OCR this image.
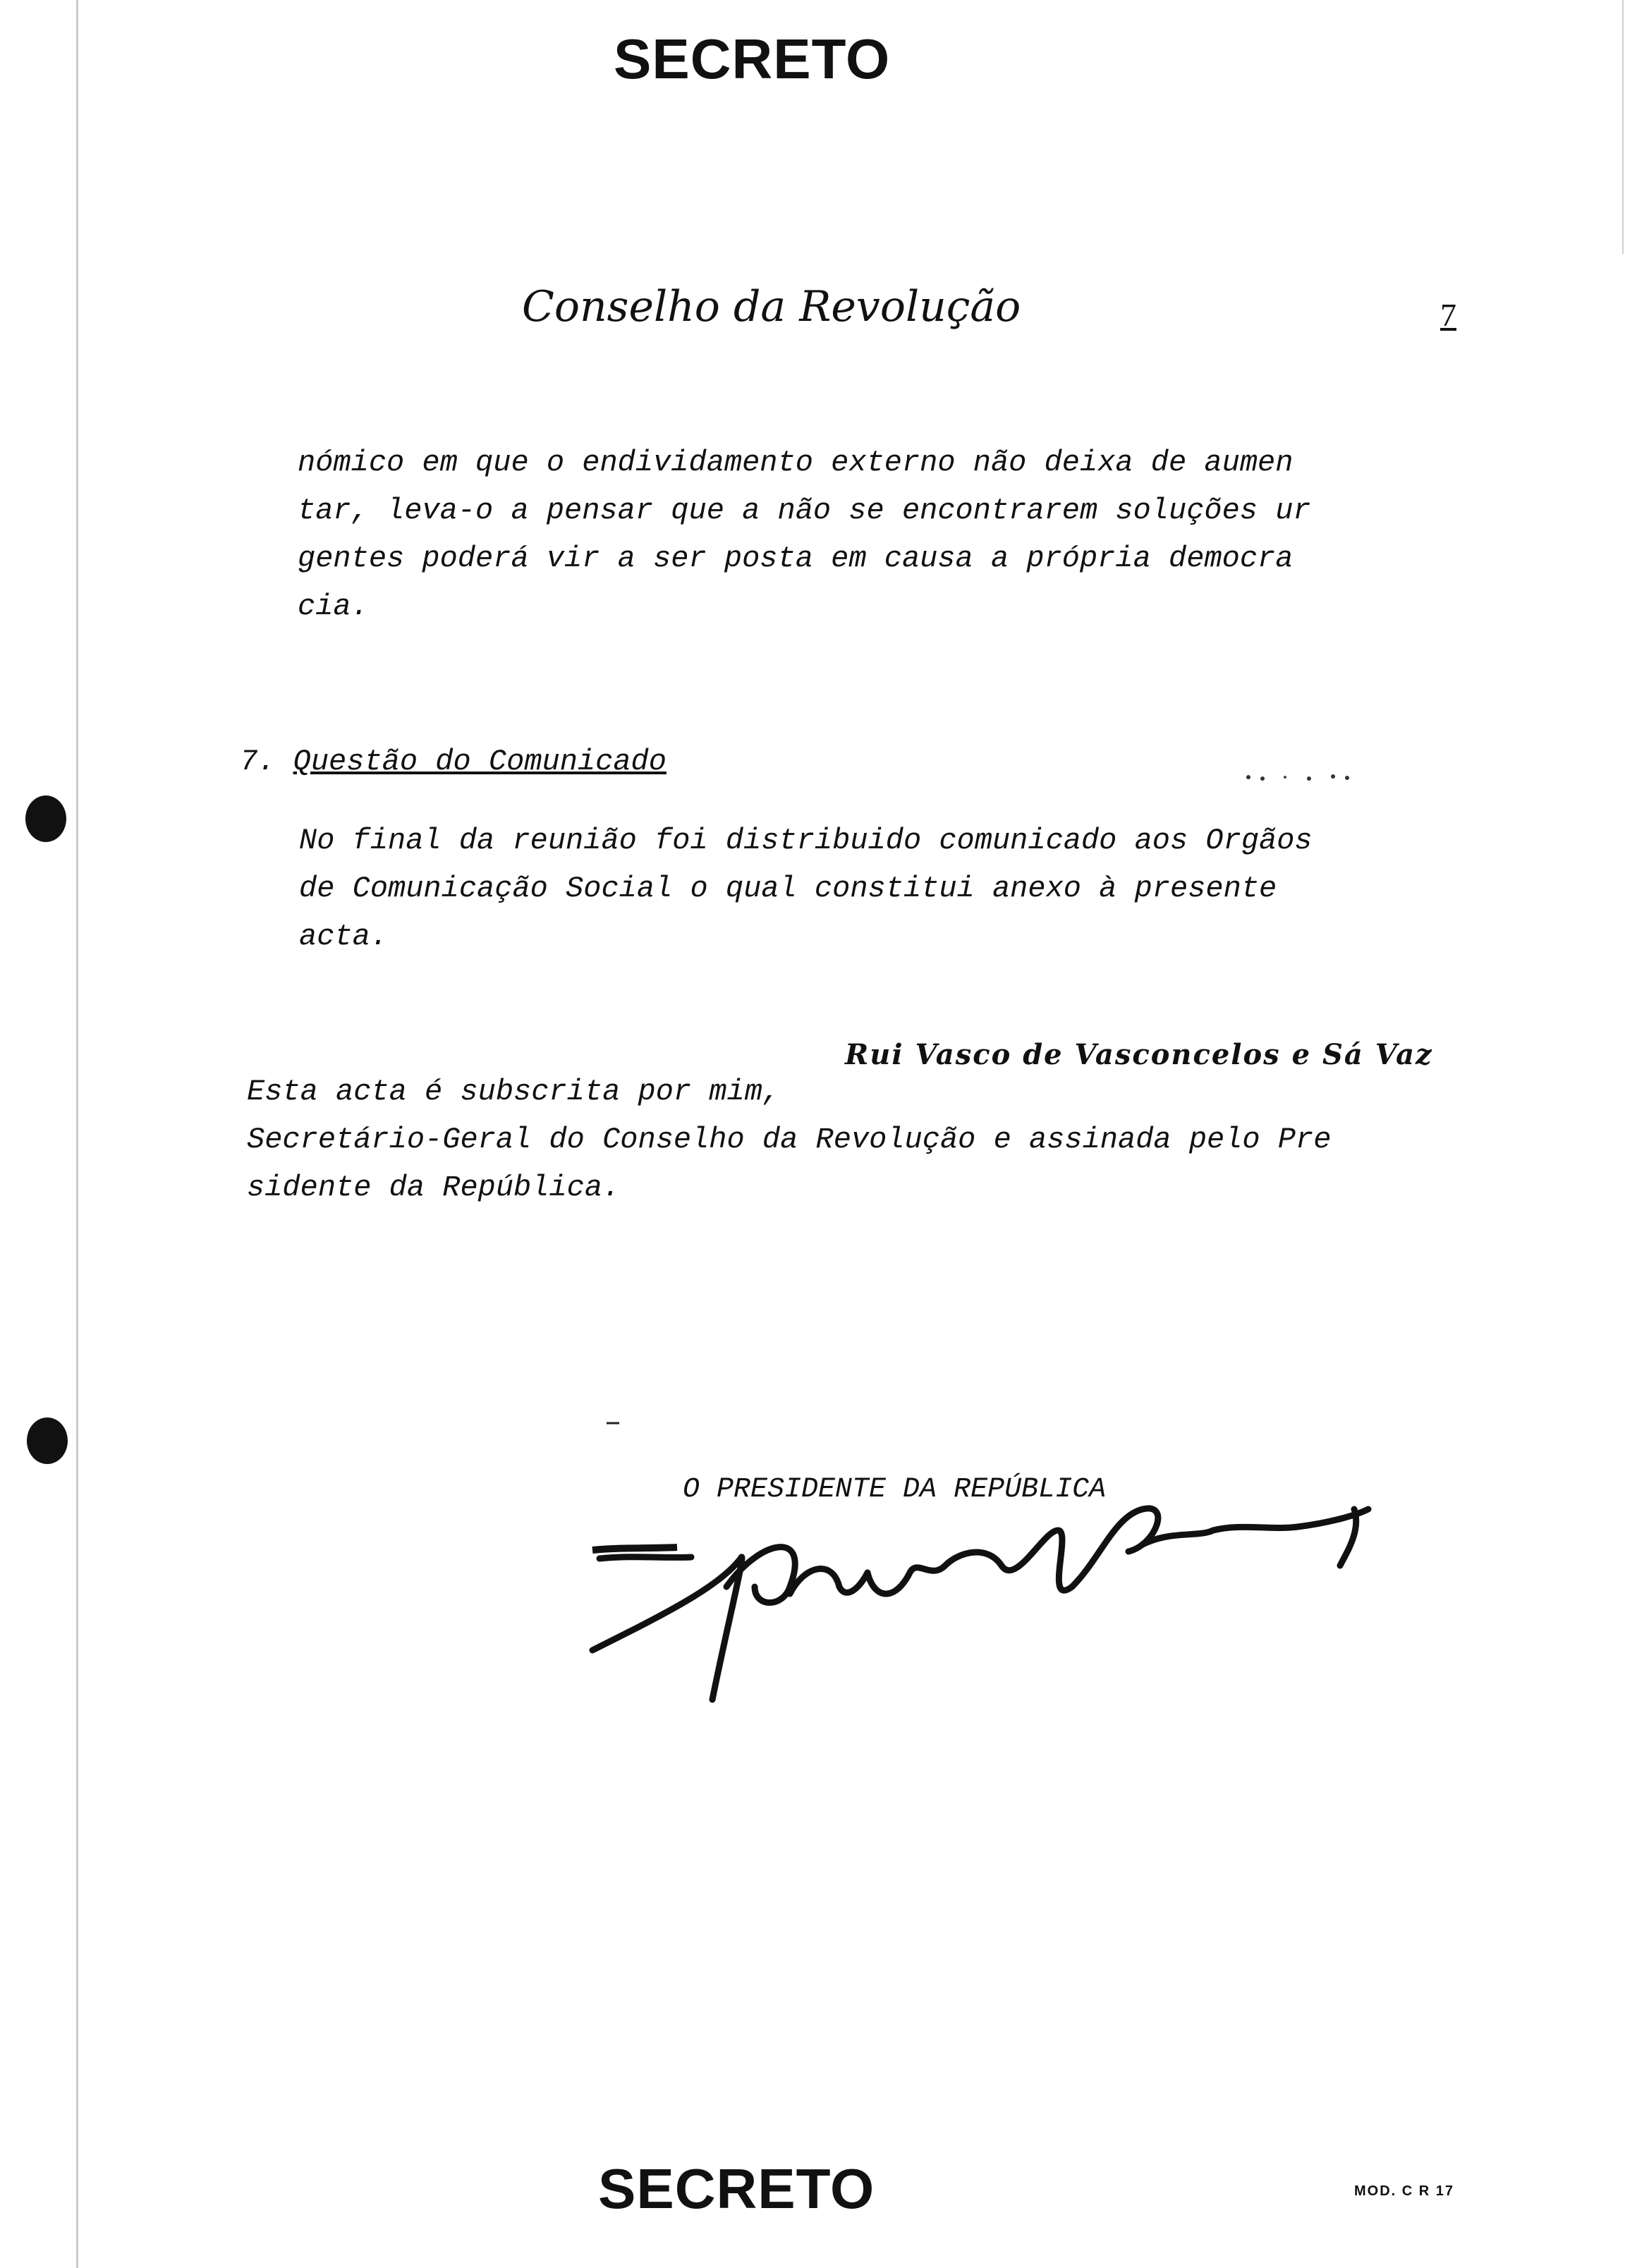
SECRETO
Conselho da Revolução	7
nómico em que o endividamento externo não deixa de aumen
tar, leva-o a pensar que a não se encontrarem soluções ur
gentes poderá vir a ser posta em causa a própria democra
cia.
7. Questão do Comunicado
No final da reunião foi distribuido comunicado aos Orgãos
de Comunicação Social o qual constitui anexo à presente
acta.
Esta acta é subscrita por mim,
Rui Vasco de Vasconcelos e Sá Vaz
Secretário-Geral do Conselho da Revolução e assinada pelo Pre
sidente da República.
O PRESIDENTE DA REPÚBLICA
SECRETO	MOD. C R 17
